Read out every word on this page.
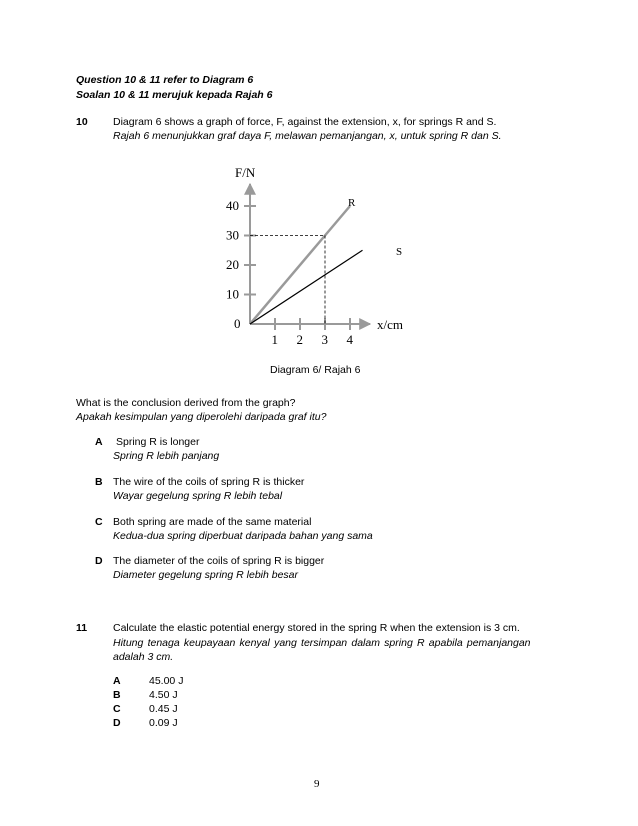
Question 10 & 11 refer to Diagram 6
Soalan 10 & 11 merujuk kepada Rajah 6
10 Diagram 6 shows a graph of force, F, against the extension, x, for springs R and S.
Rajah 6 menunjukkan graf daya F, melawan pemanjangan, x, untuk spring R dan S.
10
20
30
40
1 2 3 4
F/N
x/cm
0
R
S
Diagram 6/ Rajah 6
What is the conclusion derived from the graph?
Apakah kesimpulan yang diperolehi daripada graf itu?
A Spring R is longer
Spring R lebih panjang
B The wire of the coils of spring R is thicker
Wayar gegelung spring R lebih tebal
C Both spring are made of the same material
Kedua-dua spring diperbuat daripada bahan yang sama
D The diameter of the coils of spring R is bigger
Diameter gegelung spring R lebih besar
11 Calculate the elastic potential energy stored in the spring R when the extension is 3 cm.
Hitung tenaga keupayaan kenyal yang tersimpan dalam spring R apabila pemanjangan
adalah 3 cm.
A	45.00 J
B	4.50 J
C	0.45 J
D	0.09 J
9
